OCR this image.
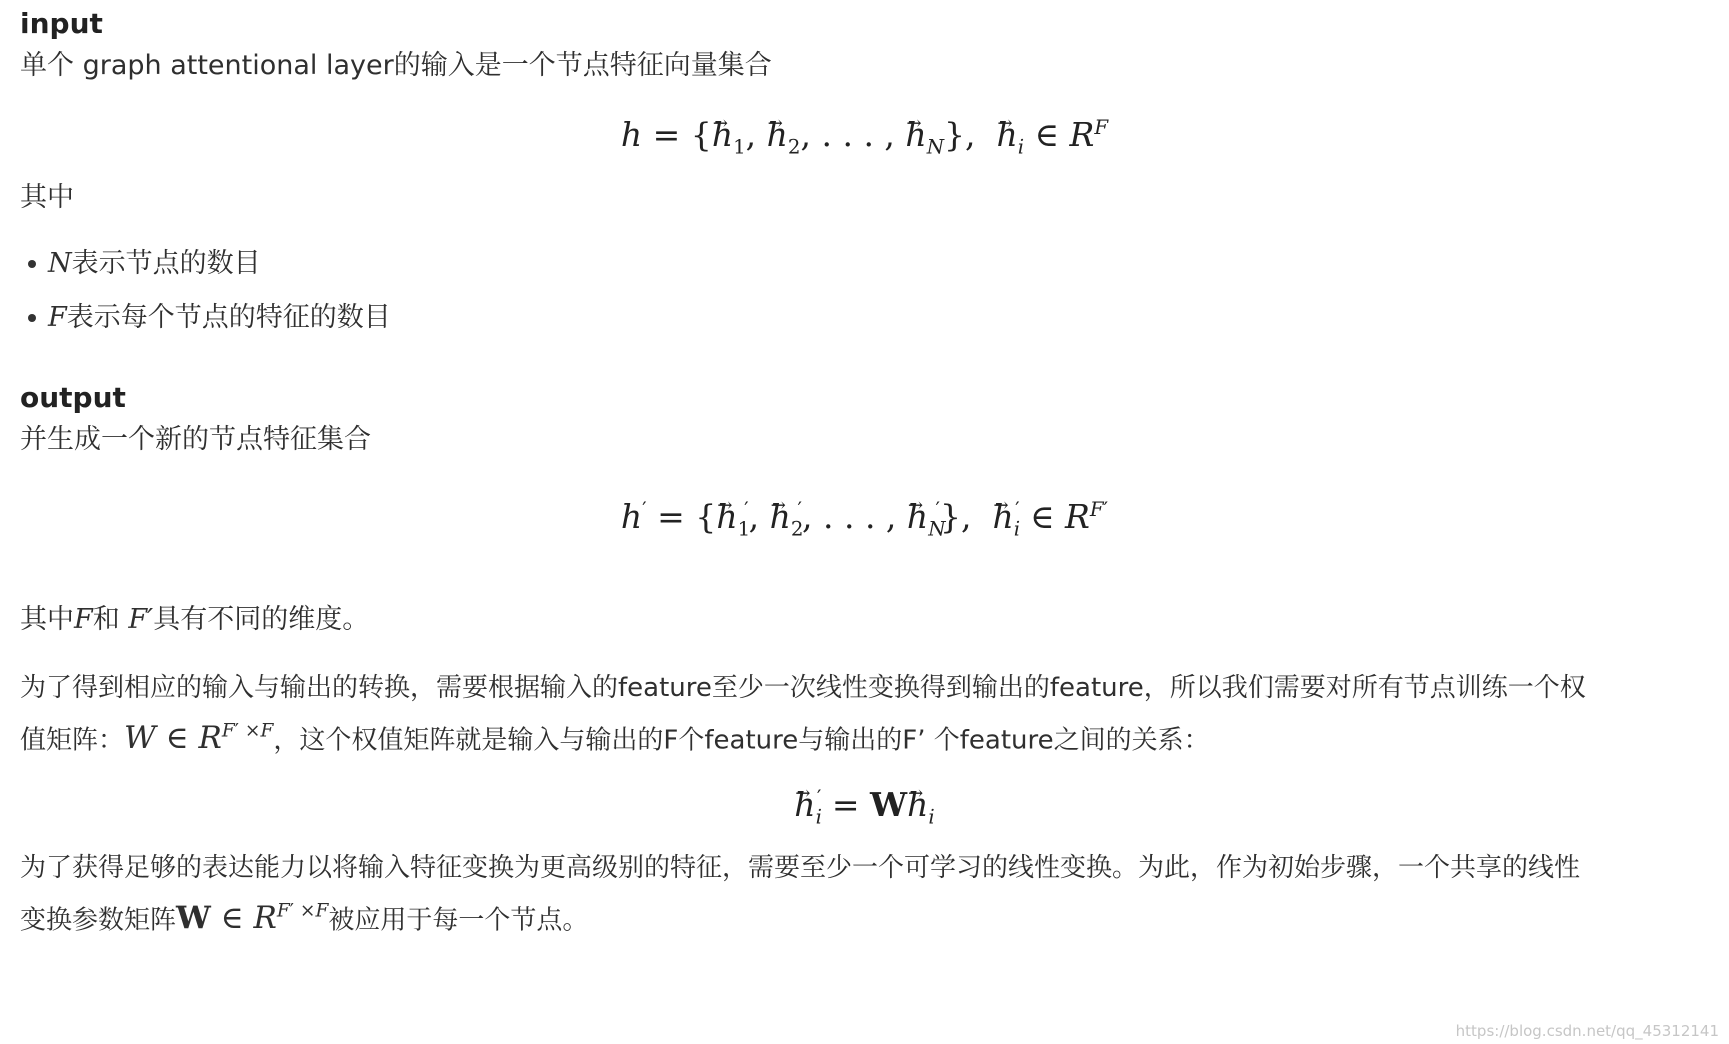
input
单个 graph attentional layer的输入是一个节点特征向量集合
h = {→ $h_1$, → $h_2$, . . . , → $h_N$},  → $h_i$ ∈ $R^F$
其中
N表示节点的数目
F表示每个节点的特征的数目
output
并生成一个新的节点特征集合
h′ = {→ $h_1'$, → $h_2'$, . . . , → $h_N'$},  → $h_i'$ ∈ $R^{F'}$
其中F和 F′具有不同的维度。
为了得到相应的输入与输出的转换，需要根据输入的feature至少一次线性变换得到输出的feature，所以我们需要对所有节点训练一个权
值矩阵：W ∈ $R^{F' \times F}$，这个权值矩阵就是输入与输出的F个feature与输出的F’ 个feature之间的关系：
→ $h_i' = W\to h_i$
为了获得足够的表达能力以将输入特征变换为更高级别的特征，需要至少一个可学习的线性变换。为此，作为初始步骤，一个共享的线性
变换参数矩阵W ∈ $R^{F' \times F}$被应用于每一个节点。
https://blog.csdn.net/qq_45312141
